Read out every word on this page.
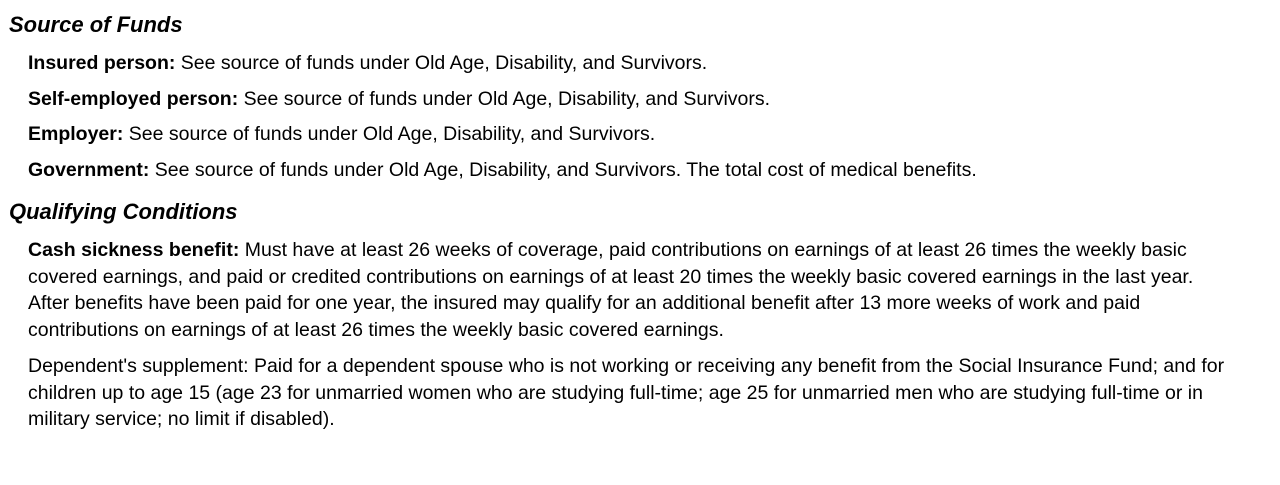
Source of Funds

Insured person: See source of funds under Old Age, Disability, and Survivors.

Self-employed person: See source of funds under Old Age, Disability, and Survivors.

Employer: See source of funds under Old Age, Disability, and Survivors.

Government: See source of funds under Old Age, Disability, and Survivors. The total cost of medical benefits.

Qualifying Conditions

Cash sickness benefit: Must have at least 26 weeks of coverage, paid contributions on earnings of at least 26 times the weekly basic covered earnings, and paid or credited contributions on earnings of at least 20 times the weekly basic covered earnings in the last year. After benefits have been paid for one year, the insured may qualify for an additional benefit after 13 more weeks of work and paid contributions on earnings of at least 26 times the weekly basic covered earnings.

Dependent's supplement: Paid for a dependent spouse who is not working or receiving any benefit from the Social Insurance Fund; and for children up to age 15 (age 23 for unmarried women who are studying full-time; age 25 for unmarried men who are studying full-time or in military service; no limit if disabled).
